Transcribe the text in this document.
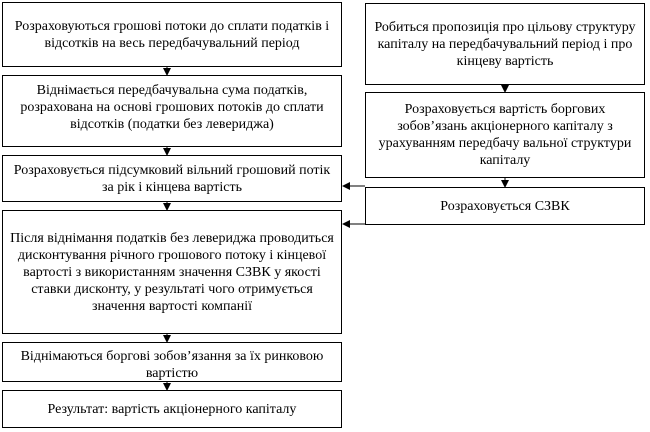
Розраховуються грошові потоки до сплати податків і відсотків на весь передбачувальний період
Віднімається передбачувальна сума податків, розрахована на основі грошових потоків до сплати відсотків (податки без левериджа)
Розраховується підсумковий вільний грошовий потік за рік і кінцева вартість
Після віднімання податків без левериджа проводиться дисконтування річного грошового потоку і кінцевої вартості з використанням значення СЗВК у якості ставки дисконту, у результаті чого отримується значення вартості компанії
Віднімаються боргові зобов’язання за їх ринковою вартістю
Результат: вартість акціонерного капіталу
Робиться пропозиція про цільову структуру капіталу на передбачувальний період і про кінцеву вартість
Розраховується вартість боргових зобов’язань акціонерного капіталу з урахуванням передбачу вальної структури капіталу
Розраховується СЗВК
